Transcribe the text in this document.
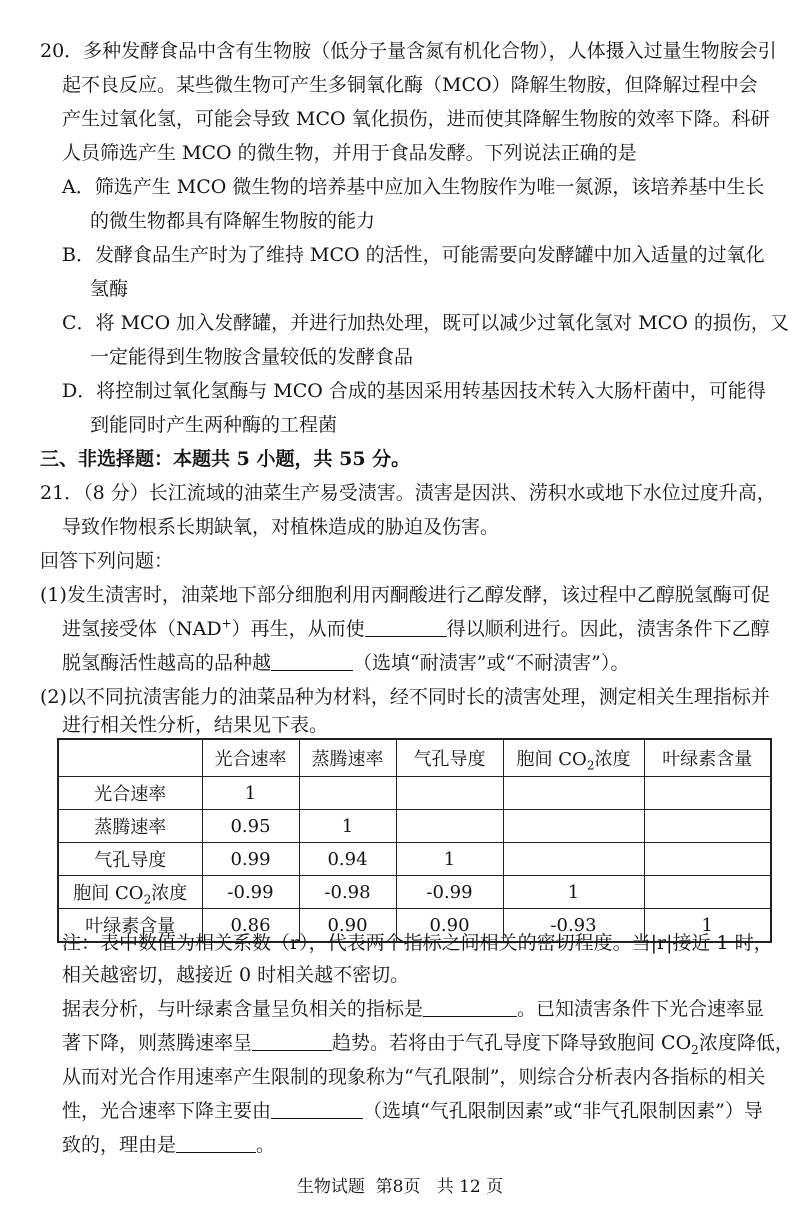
20．多种发酵食品中含有生物胺（低分子量含氮有机化合物），人体摄入过量生物胺会引
起不良反应。某些微生物可产生多铜氧化酶（MCO）降解生物胺，但降解过程中会
产生过氧化氢，可能会导致 MCO 氧化损伤，进而使其降解生物胺的效率下降。科研
人员筛选产生 MCO 的微生物，并用于食品发酵。下列说法正确的是
A．筛选产生 MCO 微生物的培养基中应加入生物胺作为唯一氮源，该培养基中生长
的微生物都具有降解生物胺的能力
B．发酵食品生产时为了维持 MCO 的活性，可能需要向发酵罐中加入适量的过氧化
氢酶
C．将 MCO 加入发酵罐，并进行加热处理，既可以减少过氧化氢对 MCO 的损伤，又
一定能得到生物胺含量较低的发酵食品
D．将控制过氧化氢酶与 MCO 合成的基因采用转基因技术转入大肠杆菌中，可能得
到能同时产生两种酶的工程菌
三、非选择题：本题共 5 小题，共 55 分。
21．（8 分）长江流域的油菜生产易受渍害。渍害是因洪、涝积水或地下水位过度升高，
导致作物根系长期缺氧，对植株造成的胁迫及伤害。
回答下列问题：
(1)发生渍害时，油菜地下部分细胞利用丙酮酸进行乙醇发酵，该过程中乙醇脱氢酶可促
进氢接受体（NAD+）再生，从而使	得以顺利进行。因此，渍害条件下乙醇
脱氢酶活性越高的品种越	（选填“耐渍害”或“不耐渍害”）。
(2)以不同抗渍害能力的油菜品种为材料，经不同时长的渍害处理，测定相关生理指标并
进行相关性分析，结果见下表。
	光合速率	蒸腾速率	气孔导度	胞间 $CO_2$浓度	叶绿素含量
光合速率	1				
蒸腾速率	0.95	1			
气孔导度	0.99	0.94	1		
胞间 $CO_2$浓度	-0.99	-0.98	-0.99	1	
叶绿素含量	0.86	0.90	0.90	-0.93	1
注：表中数值为相关系数（r），代表两个指标之间相关的密切程度。当|r|接近 1 时，
相关越密切，越接近 0 时相关越不密切。
据表分析，与叶绿素含量呈负相关的指标是	。已知渍害条件下光合速率显
著下降，则蒸腾速率呈	趋势。若将由于气孔导度下降导致胞间 $CO_2$浓度降低，
从而对光合作用速率产生限制的现象称为“气孔限制”，则综合分析表内各指标的相关
性，光合速率下降主要由	（选填“气孔限制因素”或“非气孔限制因素”）导
致的，理由是	。
生物试题 第8页 共 12 页
